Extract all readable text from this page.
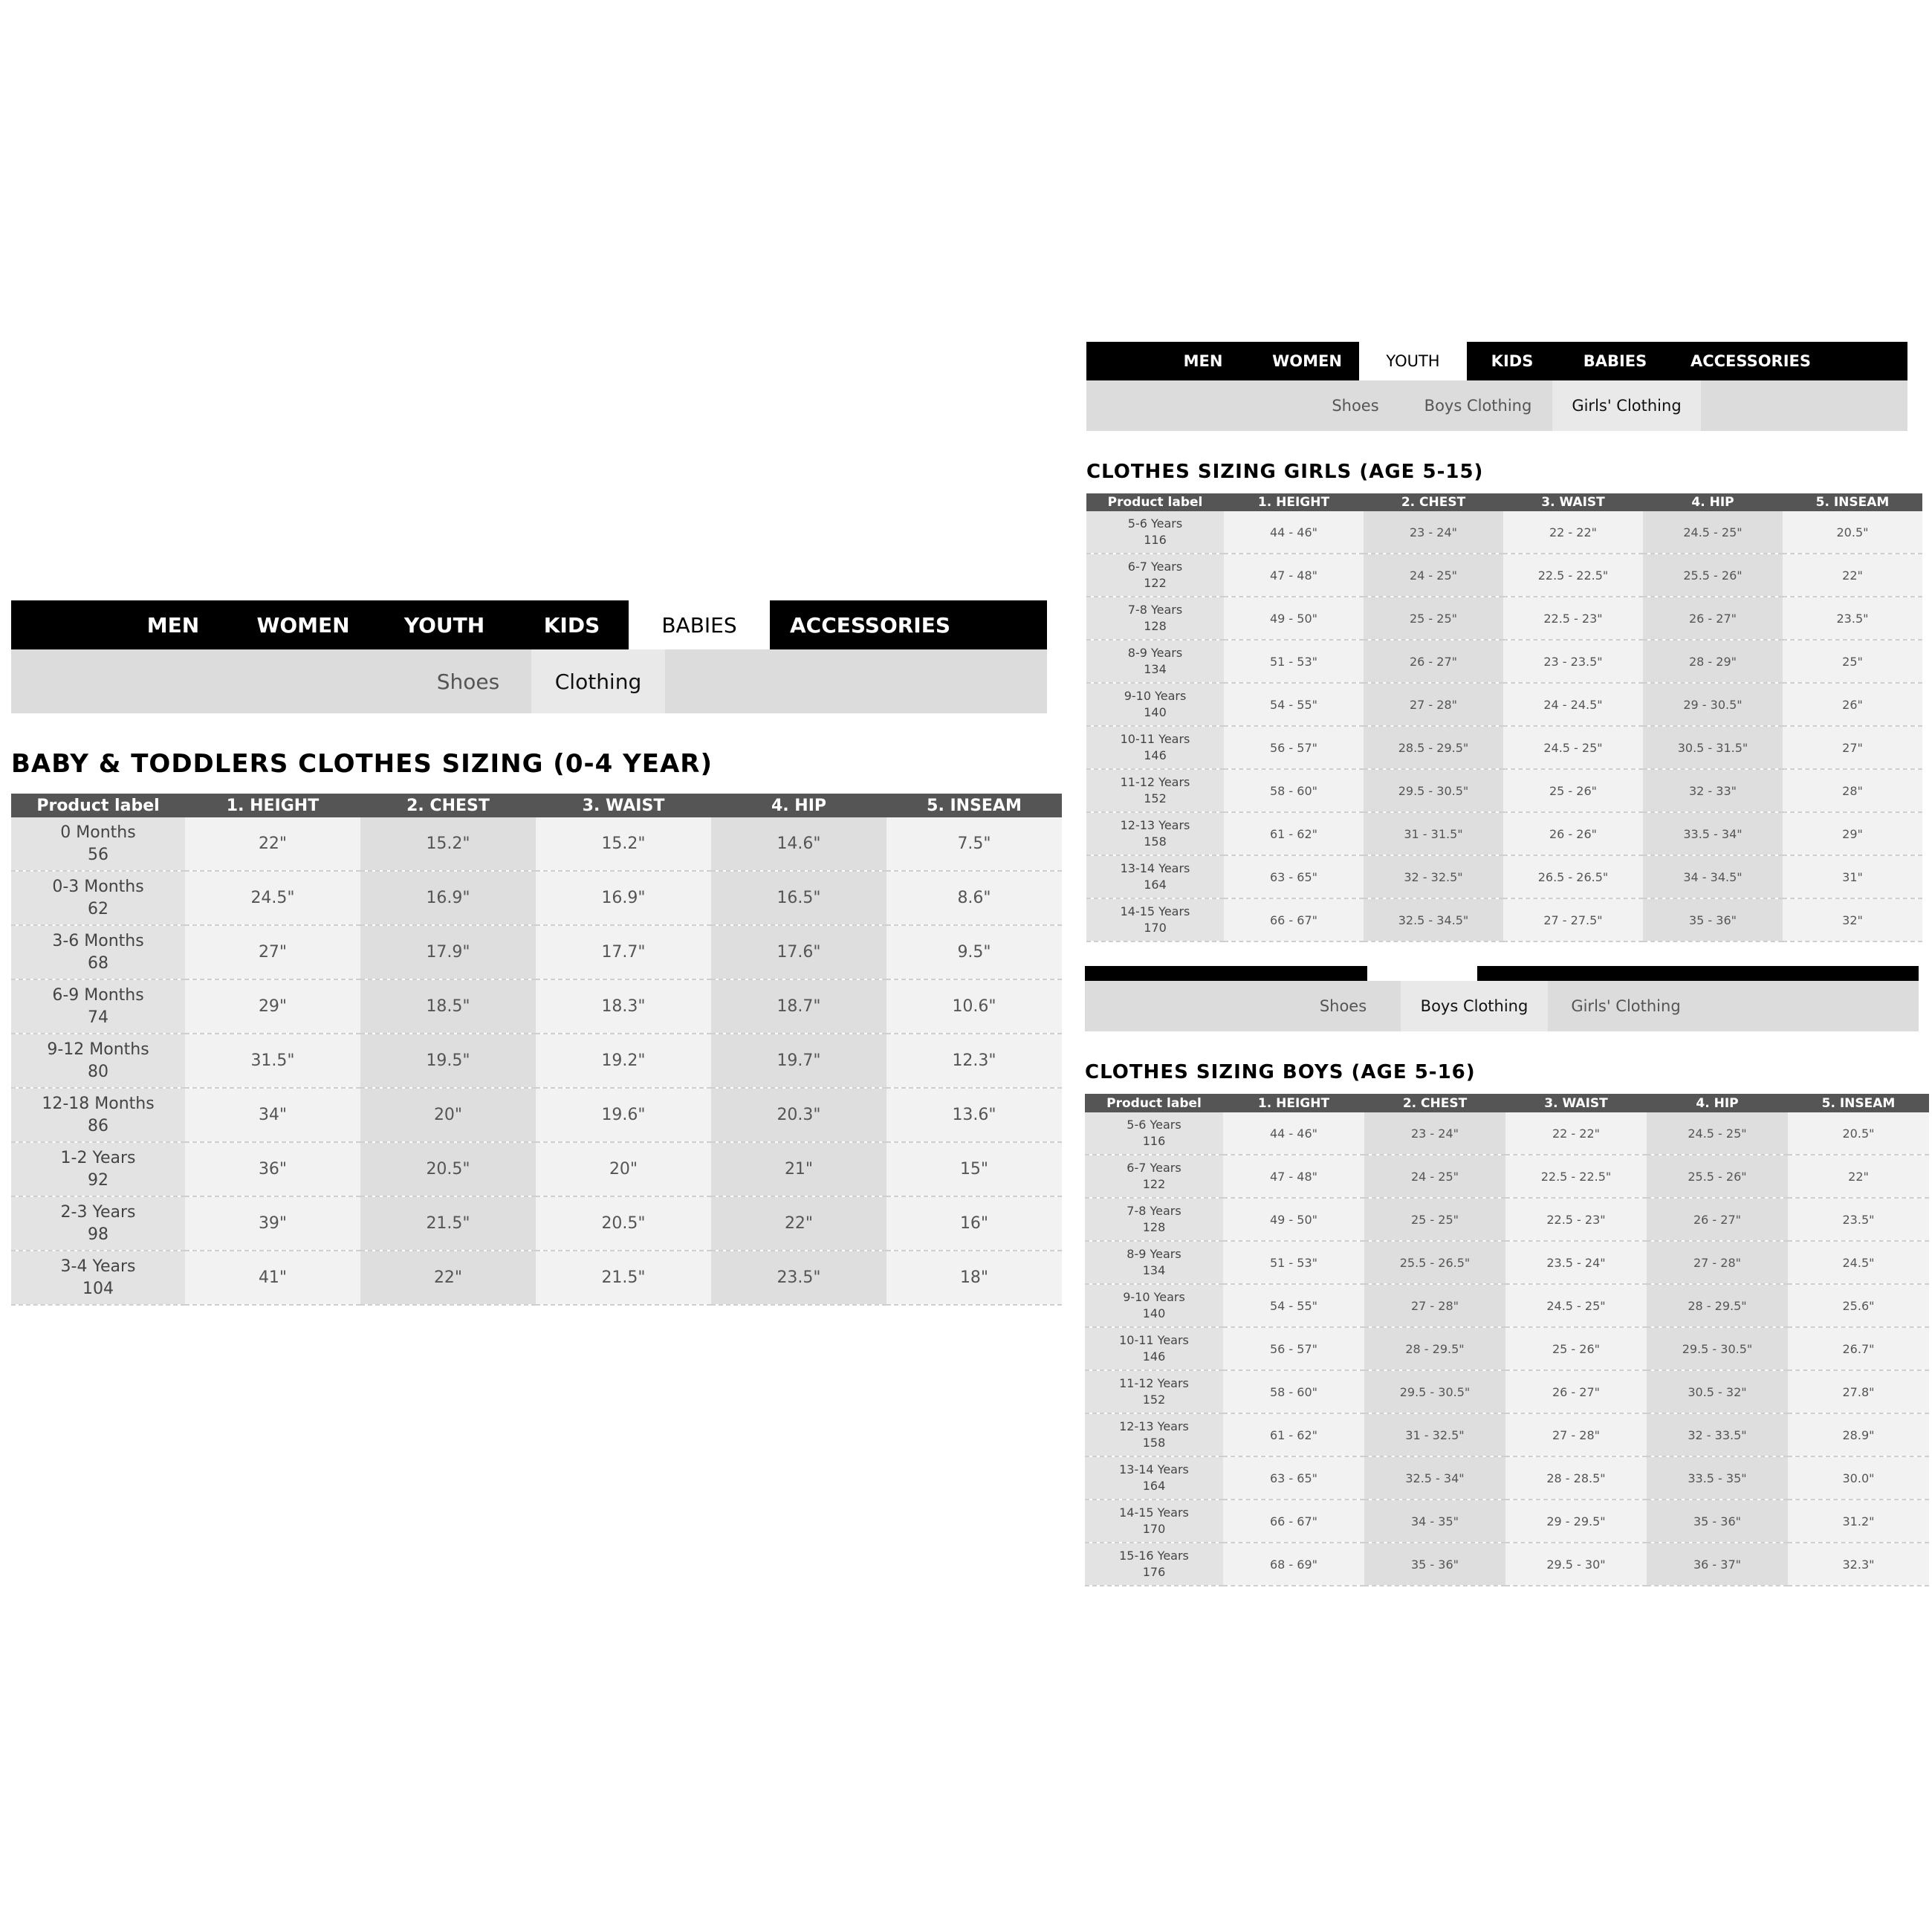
MEN	WOMEN	YOUTH	KIDS	BABIES	ACCESSORIES
Shoes	Clothing
BABY & TODDLERS CLOTHES SIZING (0-4 YEAR)
Product label	1. HEIGHT	2. CHEST	3. WAIST	4. HIP	5. INSEAM

0 Months
56	22"	15.2"	15.2"	14.6"	7.5"

0-3 Months
62	24.5"	16.9"	16.9"	16.5"	8.6"

3-6 Months
68	27"	17.9"	17.7"	17.6"	9.5"

6-9 Months
74	29"	18.5"	18.3"	18.7"	10.6"

9-12 Months
80	31.5"	19.5"	19.2"	19.7"	12.3"

12-18 Months
86	34"	20"	19.6"	20.3"	13.6"

1-2 Years
92	36"	20.5"	20"	21"	15"

2-3 Years
98	39"	21.5"	20.5"	22"	16"

3-4 Years
104	41"	22"	21.5"	23.5"	18"
MEN	WOMEN	YOUTH	KIDS	BABIES	ACCESSORIES
Shoes	Boys Clothing	Girls' Clothing
CLOTHES SIZING GIRLS (AGE 5-15)
Product label	1. HEIGHT	2. CHEST	3. WAIST	4. HIP	5. INSEAM

5-6 Years
116	44 - 46"	23 - 24"	22 - 22"	24.5 - 25"	20.5"

6-7 Years
122	47 - 48"	24 - 25"	22.5 - 22.5"	25.5 - 26"	22"

7-8 Years
128	49 - 50"	25 - 25"	22.5 - 23"	26 - 27"	23.5"

8-9 Years
134	51 - 53"	26 - 27"	23 - 23.5"	28 - 29"	25"

9-10 Years
140	54 - 55"	27 - 28"	24 - 24.5"	29 - 30.5"	26"

10-11 Years
146	56 - 57"	28.5 - 29.5"	24.5 - 25"	30.5 - 31.5"	27"

11-12 Years
152	58 - 60"	29.5 - 30.5"	25 - 26"	32 - 33"	28"

12-13 Years
158	61 - 62"	31 - 31.5"	26 - 26"	33.5 - 34"	29"

13-14 Years
164	63 - 65"	32 - 32.5"	26.5 - 26.5"	34 - 34.5"	31"

14-15 Years
170	66 - 67"	32.5 - 34.5"	27 - 27.5"	35 - 36"	32"
Shoes	Boys Clothing	Girls' Clothing
CLOTHES SIZING BOYS (AGE 5-16)
Product label	1. HEIGHT	2. CHEST	3. WAIST	4. HIP	5. INSEAM

5-6 Years
116	44 - 46"	23 - 24"	22 - 22"	24.5 - 25"	20.5"

6-7 Years
122	47 - 48"	24 - 25"	22.5 - 22.5"	25.5 - 26"	22"

7-8 Years
128	49 - 50"	25 - 25"	22.5 - 23"	26 - 27"	23.5"

8-9 Years
134	51 - 53"	25.5 - 26.5"	23.5 - 24"	27 - 28"	24.5"

9-10 Years
140	54 - 55"	27 - 28"	24.5 - 25"	28 - 29.5"	25.6"

10-11 Years
146	56 - 57"	28 - 29.5"	25 - 26"	29.5 - 30.5"	26.7"

11-12 Years
152	58 - 60"	29.5 - 30.5"	26 - 27"	30.5 - 32"	27.8"

12-13 Years
158	61 - 62"	31 - 32.5"	27 - 28"	32 - 33.5"	28.9"

13-14 Years
164	63 - 65"	32.5 - 34"	28 - 28.5"	33.5 - 35"	30.0"

14-15 Years
170	66 - 67"	34 - 35"	29 - 29.5"	35 - 36"	31.2"

15-16 Years
176	68 - 69"	35 - 36"	29.5 - 30"	36 - 37"	32.3"
